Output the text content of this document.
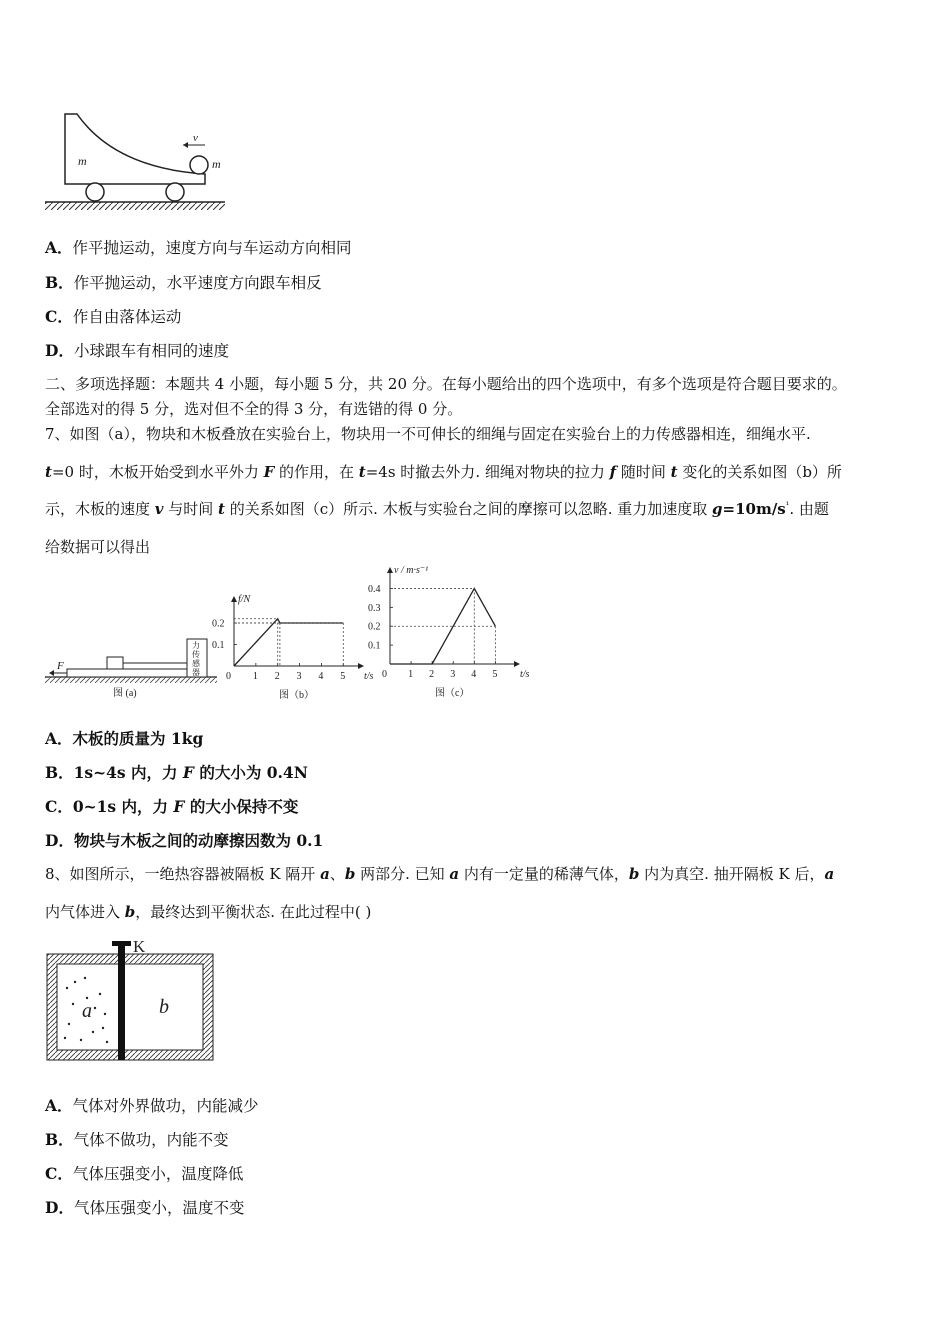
m
v
m
A．作平抛运动，速度方向与车运动方向相同
B．作平抛运动，水平速度方向跟车相反
C．作自由落体运动
D．小球跟车有相同的速度
二、多项选择题：本题共 4 小题，每小题 5 分，共 20 分。在每小题给出的四个选项中，有多个选项是符合题目要求的。
全部选对的得 5 分，选对但不全的得 3 分，有选错的得 0 分。
7、如图（a），物块和木板叠放在实验台上，物块用一不可伸长的细绳与固定在实验台上的力传感器相连，细绳水平.
t=0 时，木板开始受到水平外力 F 的作用，在 t=4s 时撤去外力. 细绳对物块的拉力 f 随时间 t 变化的关系如图（b）所
示，木板的速度 v 与时间 t 的关系如图（c）所示. 木板与实验台之间的摩擦可以忽略. 重力加速度取 $g=10m/s^{^1}$. 由题
给数据可以得出
力
传
感
器
F
图 (a)
0 1 2 3 4 5
0.1
0.2
t/s
f/N
图（b）
0 1 2 3 4 5
0.1
0.2
0.3
0.4
t/s
v / m·s⁻¹
图（c）
A．木板的质量为 1kg
B．1s~4s 内，力 F 的大小为 0.4N
C．0~1s 内，力 F 的大小保持不变
D．物块与木板之间的动摩擦因数为 0.1
8、如图所示，一绝热容器被隔板 K 隔开 a、b 两部分. 已知 a 内有一定量的稀薄气体，b 内为真空. 抽开隔板 K 后，a
内气体进入 b，最终达到平衡状态. 在此过程中( )
K
a	b
A．气体对外界做功，内能减少
B．气体不做功，内能不变
C．气体压强变小，温度降低
D．气体压强变小，温度不变
